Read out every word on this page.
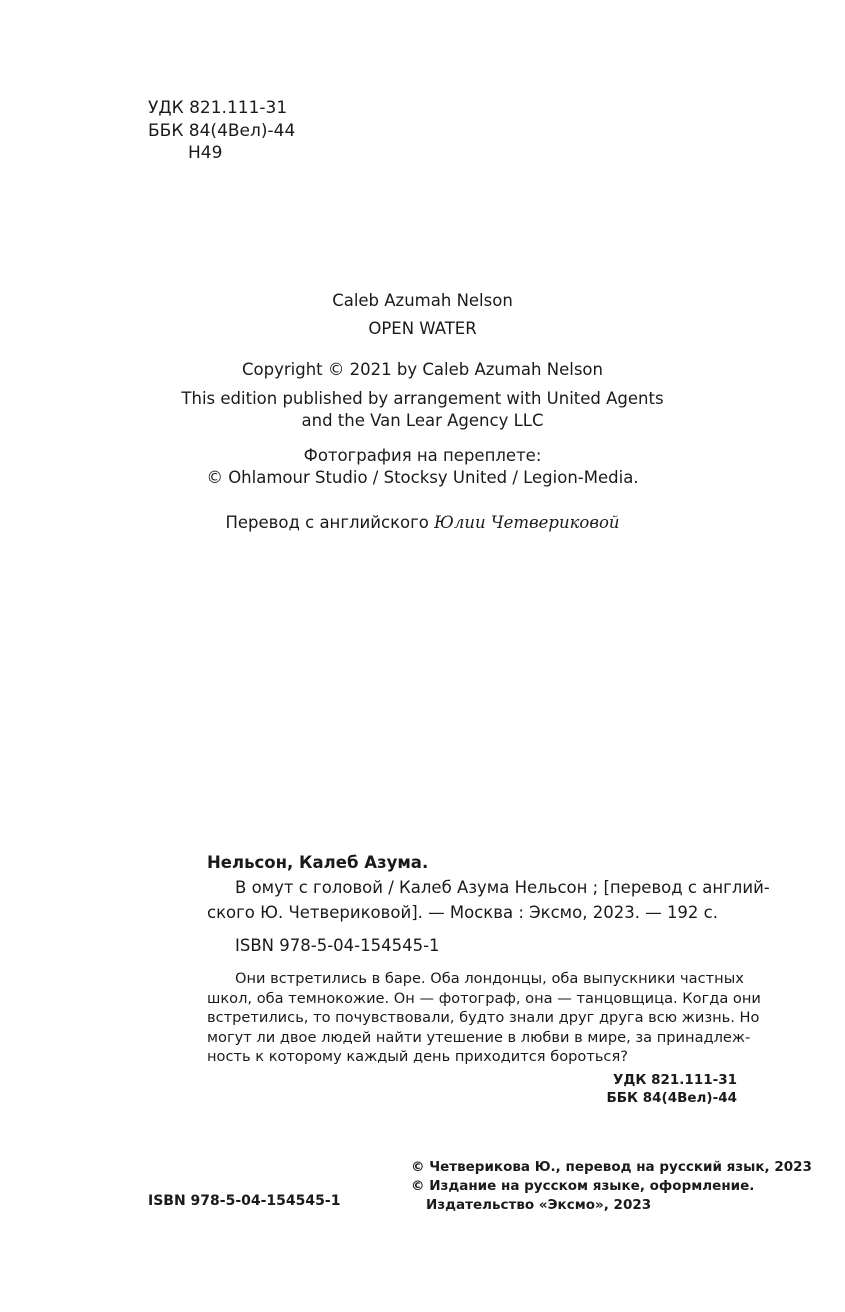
УДК 821.111-31
ББК 84(4Вел)-44
Н49
Caleb Azumah Nelson
OPEN WATER
Copyright © 2021 by Caleb Azumah Nelson
This edition published by arrangement with United Agents
and the Van Lear Agency LLC
Фотография на переплете:
© Ohlamour Studio / Stocksy United / Legion-Media.
Перевод с английского Юлии Четвериковой
Нельсон, Калеб Азума.
В омут с головой / Калеб Азума Нельсон ; [перевод с англий-
ского Ю. Четвериковой]. — Москва : Эксмо, 2023. — 192 с.
ISBN 978-5-04-154545-1
Они встретились в баре. Оба лондонцы, оба выпускники частных
школ, оба темнокожие. Он — фотограф, она — танцовщица. Когда они
встретились, то почувствовали, будто знали друг друга всю жизнь. Но
могут ли двое людей найти утешение в любви в мире, за принадлеж-
ность к которому каждый день приходится бороться?
УДК 821.111-31
ББК 84(4Вел)-44
ISBN 978-5-04-154545-1
© Четверикова Ю., перевод на русский язык, 2023
© Издание на русском языке, оформление.
Издательство «Эксмо», 2023
